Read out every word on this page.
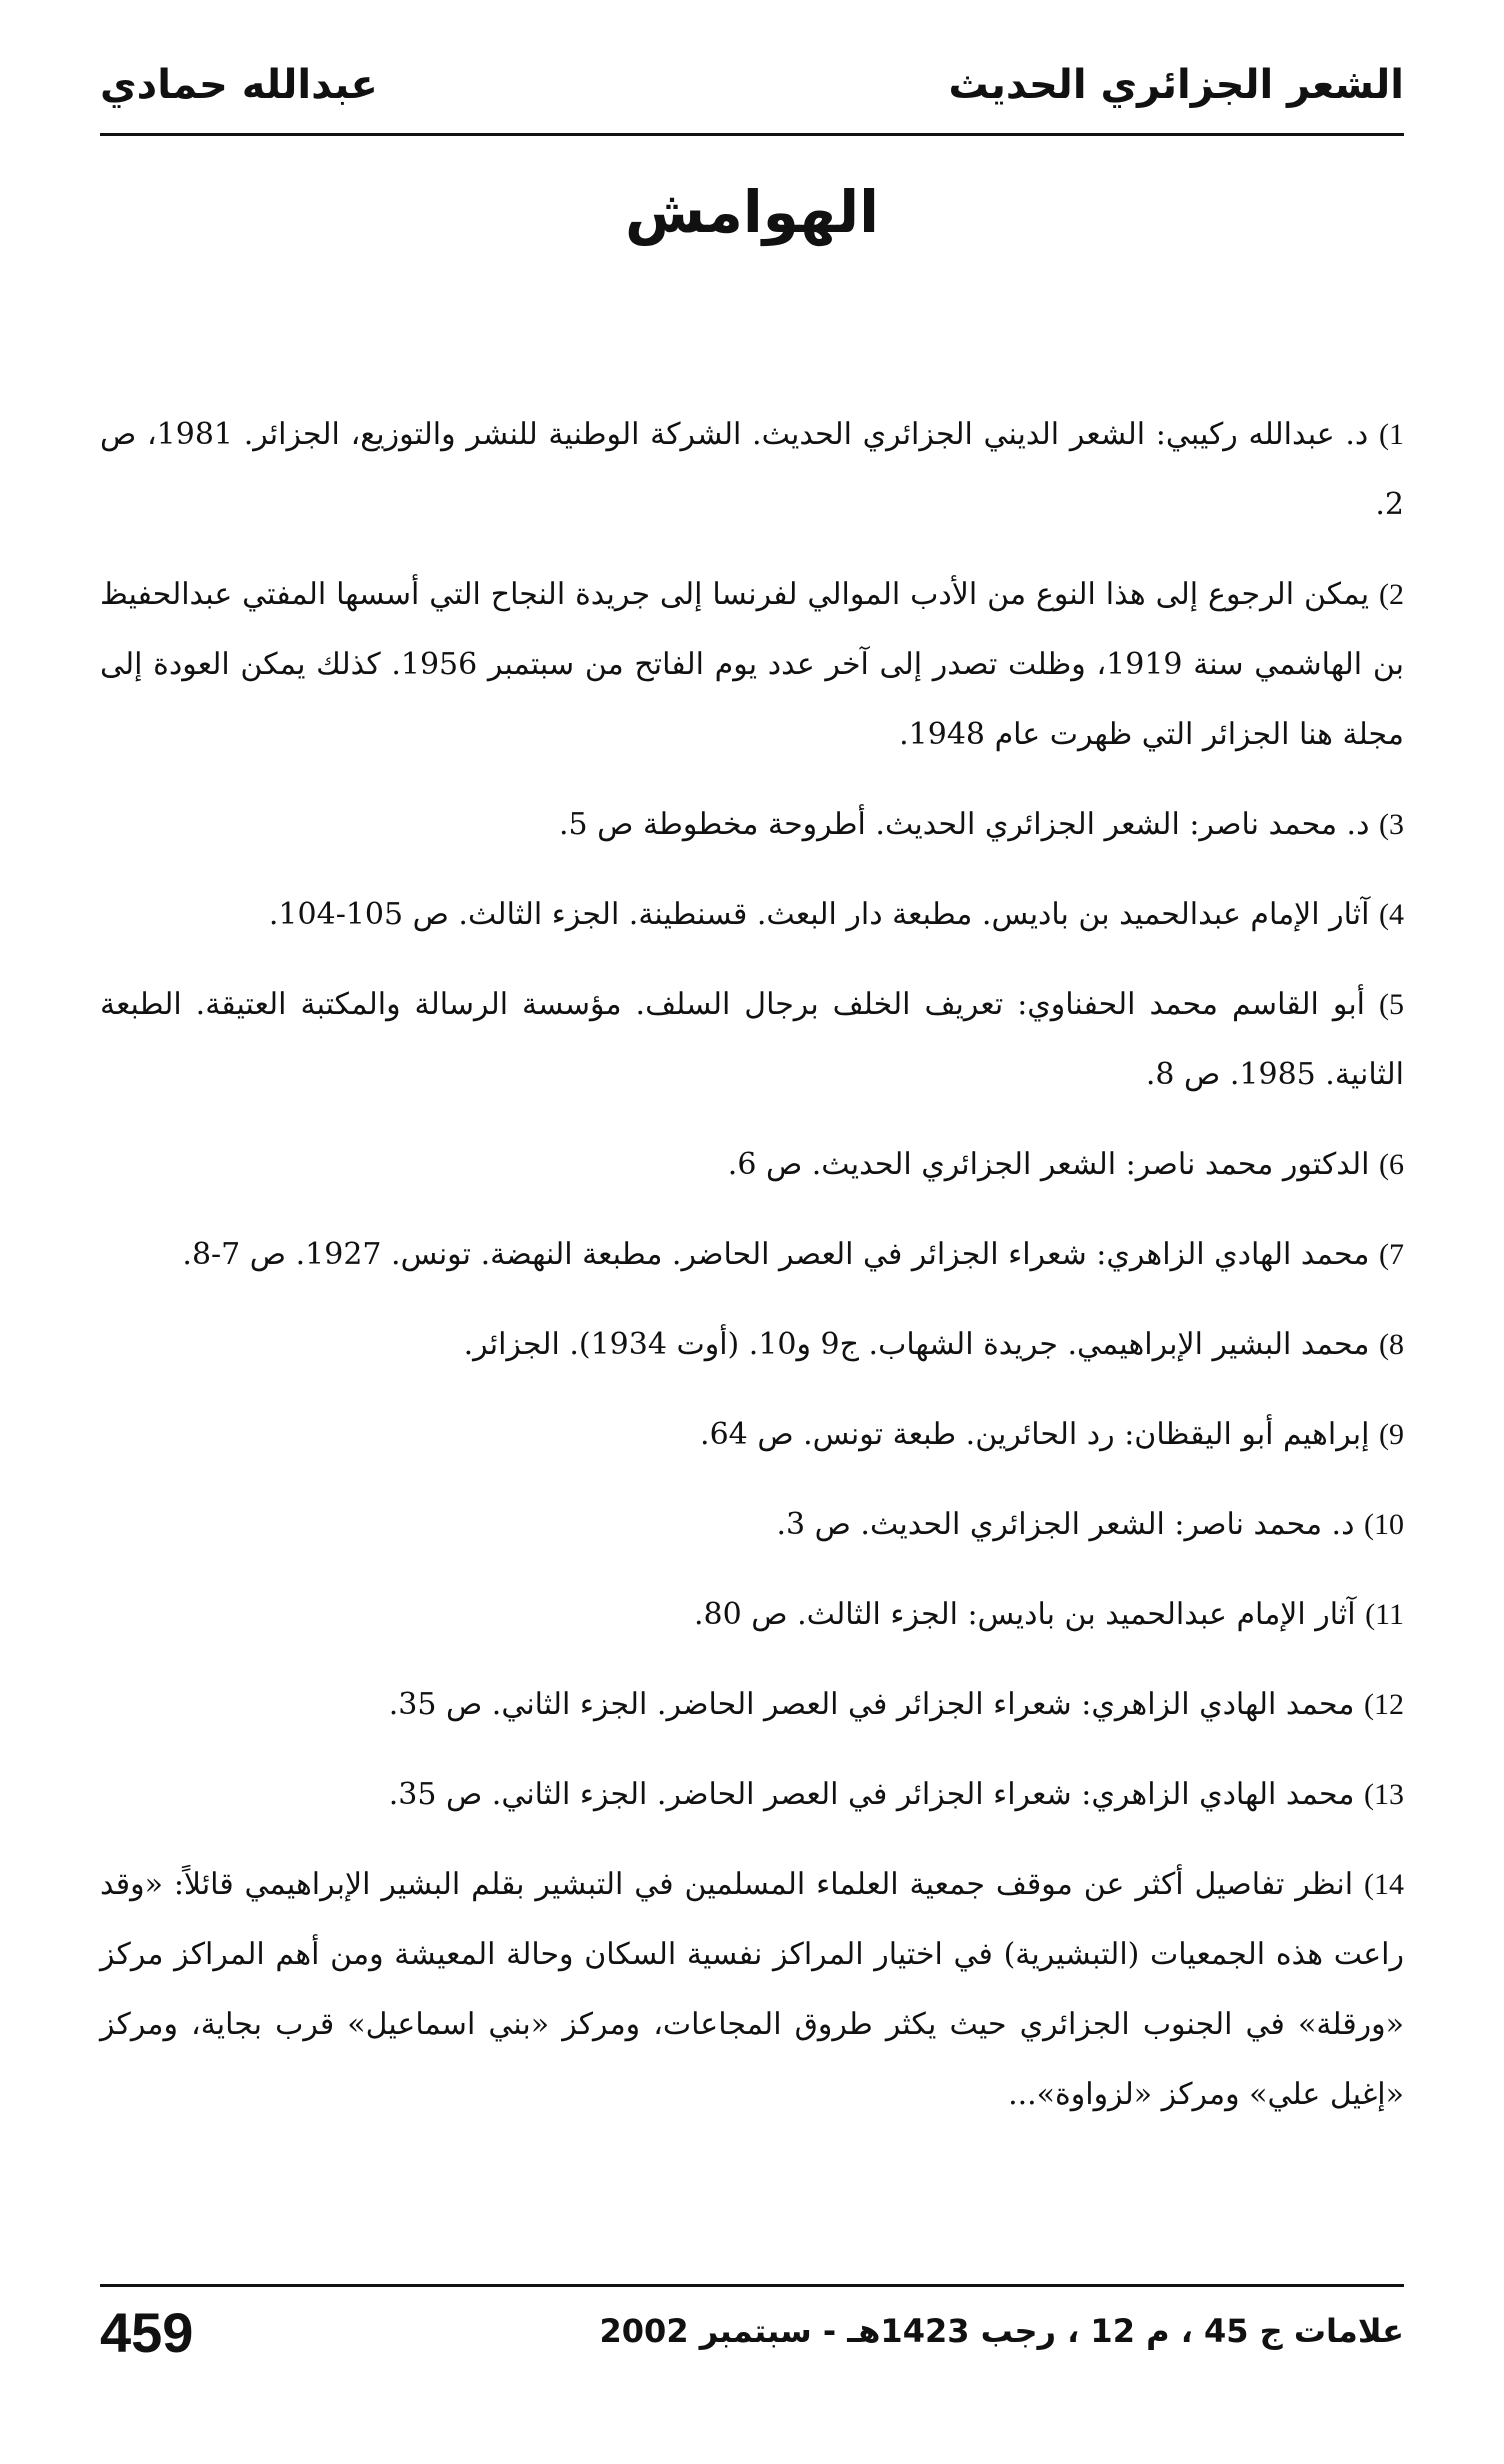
الشعر الجزائري الحديث
عبدالله حمادي
الهوامش

1) د. عبدالله ركيبي: الشعر الديني الجزائري الحديث. الشركة الوطنية للنشر والتوزيع، الجزائر. 1981، ص 2.

2) يمكن الرجوع إلى هذا النوع من الأدب الموالي لفرنسا إلى جريدة النجاح التي أسسها المفتي عبدالحفيظ بن الهاشمي سنة 1919، وظلت تصدر إلى آخر عدد يوم الفاتح من سبتمبر 1956. كذلك يمكن العودة إلى مجلة هنا الجزائر التي ظهرت عام 1948.

3) د. محمد ناصر: الشعر الجزائري الحديث. أطروحة مخطوطة ص 5.

4) آثار الإمام عبدالحميد بن باديس. مطبعة دار البعث. قسنطينة. الجزء الثالث. ص 105-104.

5) أبو القاسم محمد الحفناوي: تعريف الخلف برجال السلف. مؤسسة الرسالة والمكتبة العتيقة. الطبعة الثانية. 1985. ص 8.

6) الدكتور محمد ناصر: الشعر الجزائري الحديث. ص 6.

7) محمد الهادي الزاهري: شعراء الجزائر في العصر الحاضر. مطبعة النهضة. تونس. 1927. ص 7-8.

8) محمد البشير الإبراهيمي. جريدة الشهاب. ج9 و10. (أوت 1934). الجزائر.

9) إبراهيم أبو اليقظان: رد الحائرين. طبعة تونس. ص 64.

10) د. محمد ناصر: الشعر الجزائري الحديث. ص 3.

11) آثار الإمام عبدالحميد بن باديس: الجزء الثالث. ص 80.

12) محمد الهادي الزاهري: شعراء الجزائر في العصر الحاضر. الجزء الثاني. ص 35.

13) محمد الهادي الزاهري: شعراء الجزائر في العصر الحاضر. الجزء الثاني. ص 35.

14) انظر تفاصيل أكثر عن موقف جمعية العلماء المسلمين في التبشير بقلم البشير الإبراهيمي قائلاً: «وقد راعت هذه الجمعيات (التبشيرية) في اختيار المراكز نفسية السكان وحالة المعيشة ومن أهم المراكز مركز «ورقلة» في الجنوب الجزائري حيث يكثر طروق المجاعات، ومركز «بني اسماعيل» قرب بجاية، ومركز «إغيل علي» ومركز «لزواوة»...

علامات ج 45 ، م 12 ، رجب 1423هـ - سبتمبر 2002
459
